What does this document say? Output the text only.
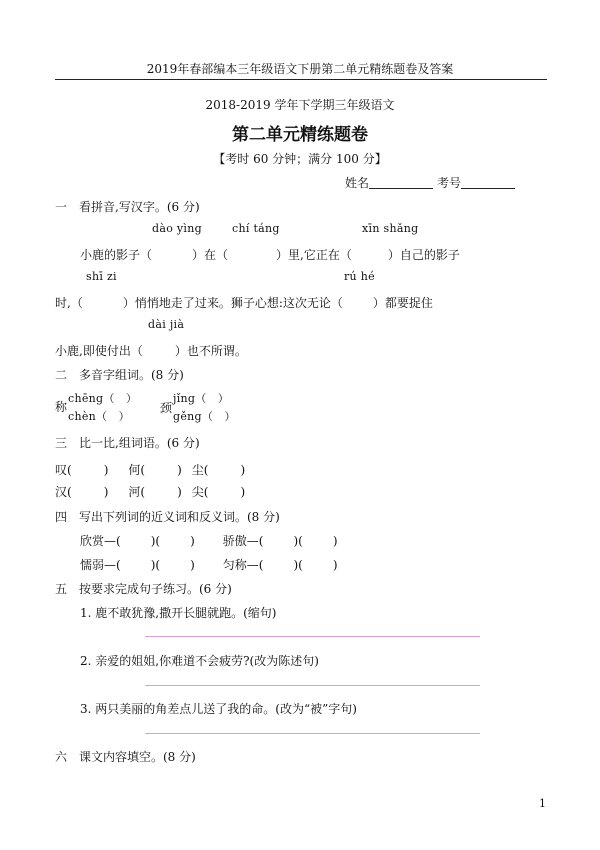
2019年春部编本三年级语文下册第二单元精练题卷及答案
2018-2019 学年下学期三年级语文
第二单元精练题卷
【考时 60 分钟；满分 100 分】
姓名	考号
一　看拼音,写汉字。(6 分)
dào yìng	chí táng	xīn shǎng
小鹿的影子（	）在（	）里,它正在（	）自己的影子
shī zi	rú hé
时,（	）悄悄地走了过来。狮子心想:这次无论（	）都要捉住
dài jià
小鹿,即使付出（	）也不所谓。
二　多音字组词。(8 分)
称
chēng（　）
chèn（　）
颈
jǐng（　）
gěng（　）
三　比一比,组词语。(6 分)
叹(	) 何(	) 尘(	)
汉(	) 河(	) 尖(	)
四　写出下列词的近义词和反义词。(8 分)
欣赏—(	)(	) 骄傲—(	)(	)
懦弱—(	)(	) 匀称—(	)(	)
五　按要求完成句子练习。(6 分)
1. 鹿不敢犹豫,撒开长腿就跑。(缩句)
2. 亲爱的姐姐,你难道不会疲劳?(改为陈述句)
3. 两只美丽的角差点儿送了我的命。(改为“被”字句)
六　课文内容填空。(8 分)
1
